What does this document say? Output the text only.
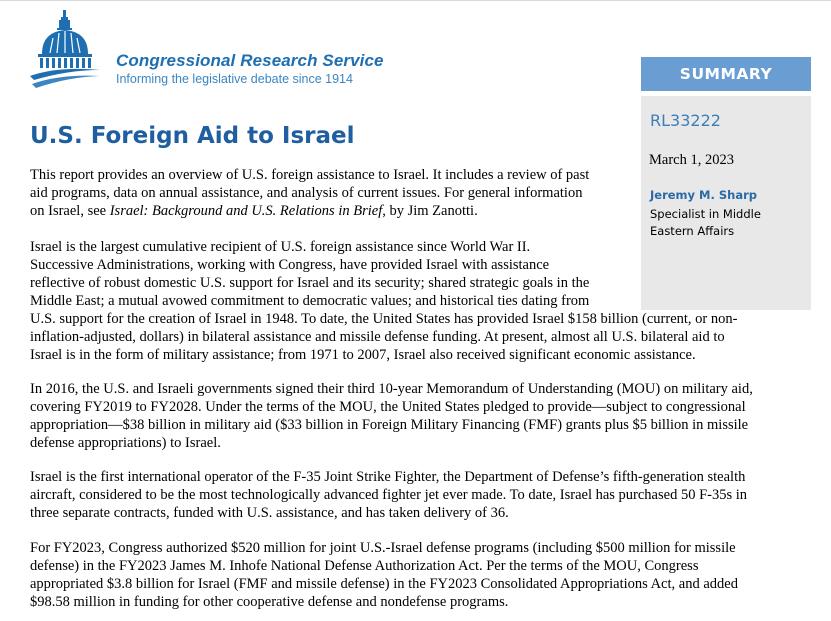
Congressional Research Service
Informing the legislative debate since 1914	SUMMARY
RL33222
March 1, 2023
Jeremy M. Sharp
Specialist in Middle
Eastern Affairs
U.S. Foreign Aid to Israel
This report provides an overview of U.S. foreign assistance to Israel. It includes a review of past
aid programs, data on annual assistance, and analysis of current issues. For general information
on Israel, see Israel: Background and U.S. Relations in Brief, by Jim Zanotti.
Israel is the largest cumulative recipient of U.S. foreign assistance since World War II.
Successive Administrations, working with Congress, have provided Israel with assistance
reflective of robust domestic U.S. support for Israel and its security; shared strategic goals in the
Middle East; a mutual avowed commitment to democratic values; and historical ties dating from
U.S. support for the creation of Israel in 1948. To date, the United States has provided Israel $158 billion (current, or non-
inflation-adjusted, dollars) in bilateral assistance and missile defense funding. At present, almost all U.S. bilateral aid to
Israel is in the form of military assistance; from 1971 to 2007, Israel also received significant economic assistance.
In 2016, the U.S. and Israeli governments signed their third 10-year Memorandum of Understanding (MOU) on military aid,
covering FY2019 to FY2028. Under the terms of the MOU, the United States pledged to provide—subject to congressional
appropriation—$38 billion in military aid ($33 billion in Foreign Military Financing (FMF) grants plus $5 billion in missile
defense appropriations) to Israel.
Israel is the first international operator of the F-35 Joint Strike Fighter, the Department of Defense’s fifth-generation stealth
aircraft, considered to be the most technologically advanced fighter jet ever made. To date, Israel has purchased 50 F-35s in
three separate contracts, funded with U.S. assistance, and has taken delivery of 36.
For FY2023, Congress authorized $520 million for joint U.S.-Israel defense programs (including $500 million for missile
defense) in the FY2023 James M. Inhofe National Defense Authorization Act. Per the terms of the MOU, Congress
appropriated $3.8 billion for Israel (FMF and missile defense) in the FY2023 Consolidated Appropriations Act, and added
$98.58 million in funding for other cooperative defense and nondefense programs.
